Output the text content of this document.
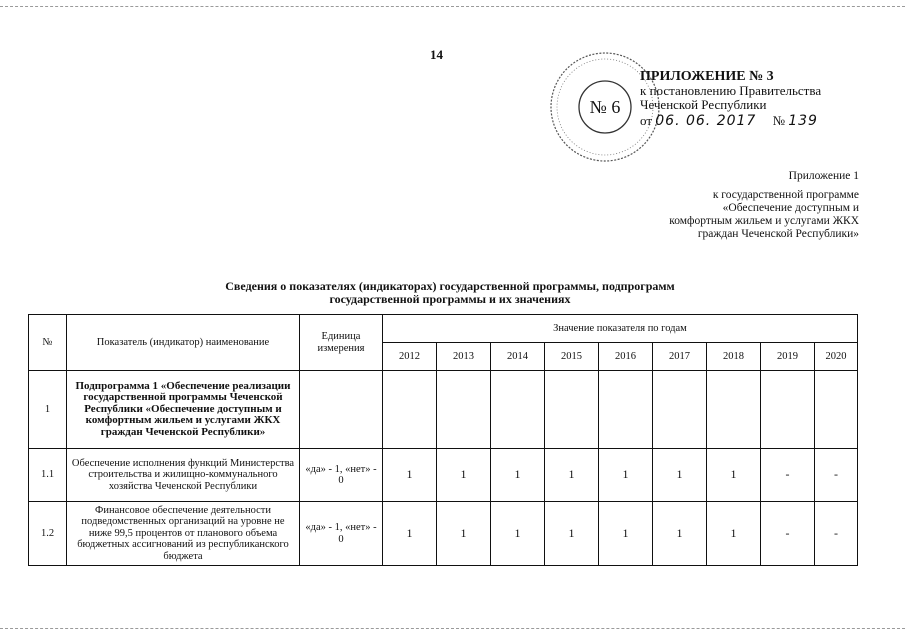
14
№ 6
ПРИЛОЖЕНИЕ № 3
к постановлению Правительства
Чеченской Республики
от 06. 06. 2017 № 139
Приложение 1
к государственной программе
«Обеспечение доступным и
комфортным жильем и услугами ЖКХ
граждан Чеченской Республики»
Сведения о показателях (индикаторах) государственной программы, подпрограмм
государственной программы и их значениях
№	Показатель (индикатор) наименование	Единица измерения	Значение показателя по годам								
			2012	2013	2014	2015	2016	2017	2018	2019	2020
1	Подпрограмма 1 «Обеспечение реализации государственной программы Чеченской Республики «Обеспечение доступным и комфортным жильем и услугами ЖКХ граждан Чеченской Республики»										
1.1	Обеспечение исполнения функций Министерства строительства и жилищно-коммунального хозяйства Чеченской Республики	«да» - 1, «нет» - 0	1	1	1	1	1	1	1	-	-
1.2	Финансовое обеспечение деятельности подведомственных организаций на уровне не ниже 99,5 процентов от планового объема бюджетных ассигнований из республиканского бюджета	«да» - 1, «нет» - 0	1	1	1	1	1	1	1	-	-
